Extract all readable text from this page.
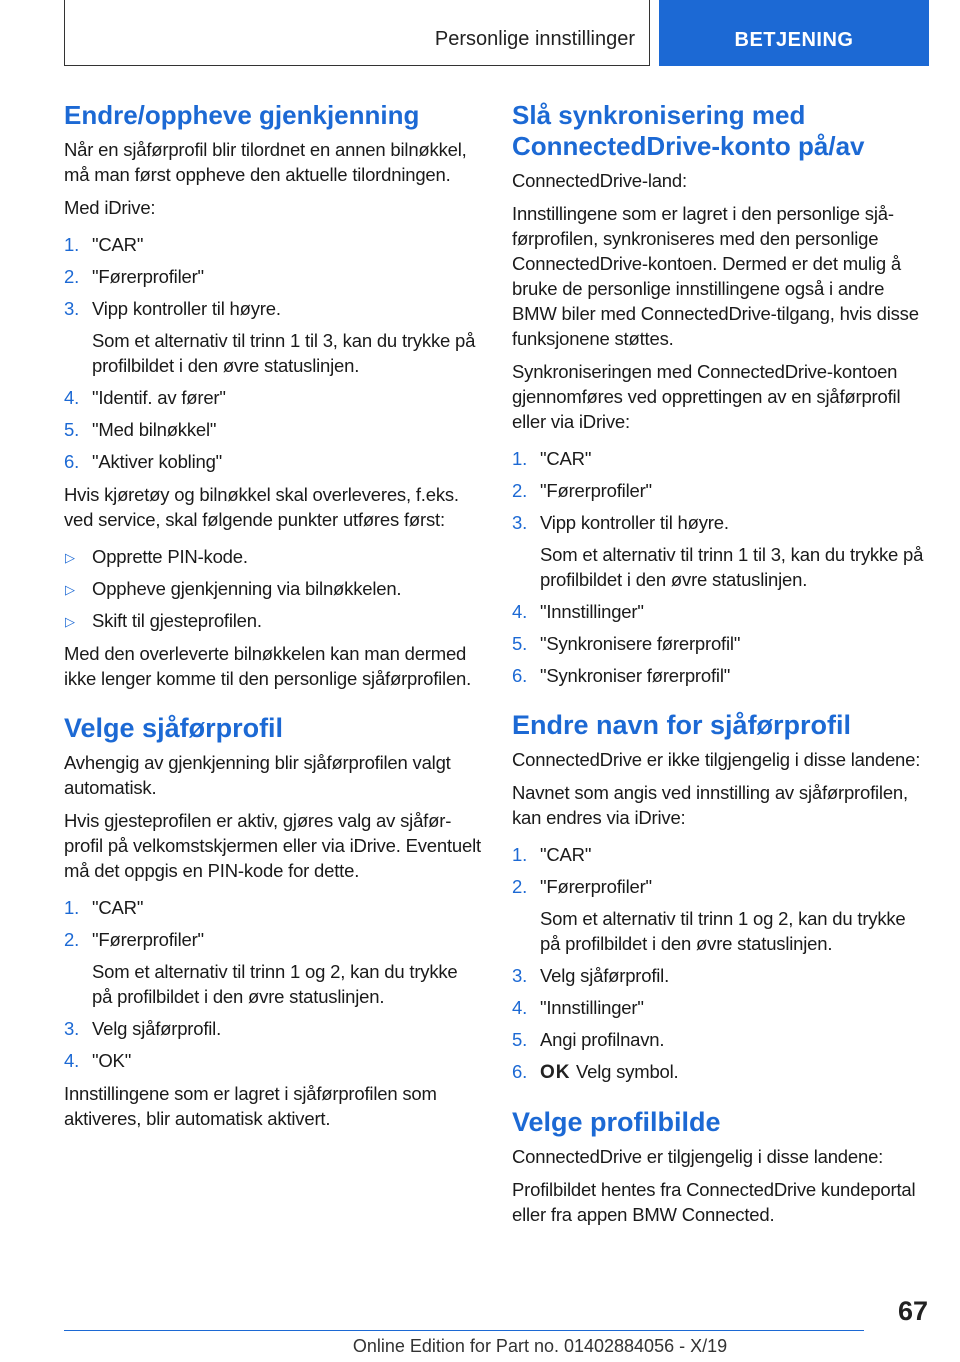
Personlige innstillinger	BETJENING
Endre/oppheve gjenkjenning

Når en sjåførprofil blir tilordnet en annen bilnøkkel, må man først oppheve den aktuelle tilordningen.

Med iDrive:

1. "CAR"
2. "Førerprofiler"
3. Vipp kontroller til høyre.
Som et alternativ til trinn 1 til 3, kan du trykke på profilbildet i den øvre statuslinjen.
4. "Identif. av fører"
5. "Med bilnøkkel"
6. "Aktiver kobling"

Hvis kjøretøy og bilnøkkel skal overleveres, f.eks. ved service, skal følgende punkter utføres først:

▷ Opprette PIN-kode.
▷ Oppheve gjenkjenning via bilnøkkelen.
▷ Skift til gjesteprofilen.

Med den overleverte bilnøkkelen kan man dermed ikke lenger komme til den personlige sjåførprofilen.

Velge sjåførprofil

Avhengig av gjenkjenning blir sjåførprofilen valgt automatisk.

Hvis gjesteprofilen er aktiv, gjøres valg av sjåførprofil på velkomstskjermen eller via iDrive. Eventuelt må det oppgis en PIN-kode for dette.

1. "CAR"
2. "Førerprofiler"
Som et alternativ til trinn 1 og 2, kan du trykke på profilbildet i den øvre statuslinjen.
3. Velg sjåførprofil.
4. "OK"

Innstillingene som er lagret i sjåførprofilen som aktiveres, blir automatisk aktivert.

Slå synkronisering med ConnectedDrive-konto på/av

ConnectedDrive-land:

Innstillingene som er lagret i den personlige sjåførprofilen, synkroniseres med den personlige ConnectedDrive-kontoen. Dermed er det mulig å bruke de personlige innstillingene også i andre BMW biler med ConnectedDrive-tilgang, hvis disse funksjonene støttes.

Synkroniseringen med ConnectedDrive-kontoen gjennomføres ved opprettingen av en sjåførprofil eller via iDrive:

1. "CAR"
2. "Førerprofiler"
3. Vipp kontroller til høyre.
Som et alternativ til trinn 1 til 3, kan du trykke på profilbildet i den øvre statuslinjen.
4. "Innstillinger"
5. "Synkronisere førerprofil"
6. "Synkroniser førerprofil"
Endre navn for sjåførprofil

ConnectedDrive er ikke tilgjengelig i disse landene:

Navnet som angis ved innstilling av sjåførprofilen, kan endres via iDrive:

1. "CAR"
2. "Førerprofiler"
Som et alternativ til trinn 1 og 2, kan du trykke på profilbildet i den øvre statuslinjen.
3. Velg sjåførprofil.
4. "Innstillinger"
5. Angi profilnavn.
6. OK Velg symbol.
Velge profilbilde

ConnectedDrive er tilgjengelig i disse landene:

Profilbildet hentes fra ConnectedDrive kundeportal eller fra appen BMW Connected.

67
Online Edition for Part no. 01402884056 - X/19
